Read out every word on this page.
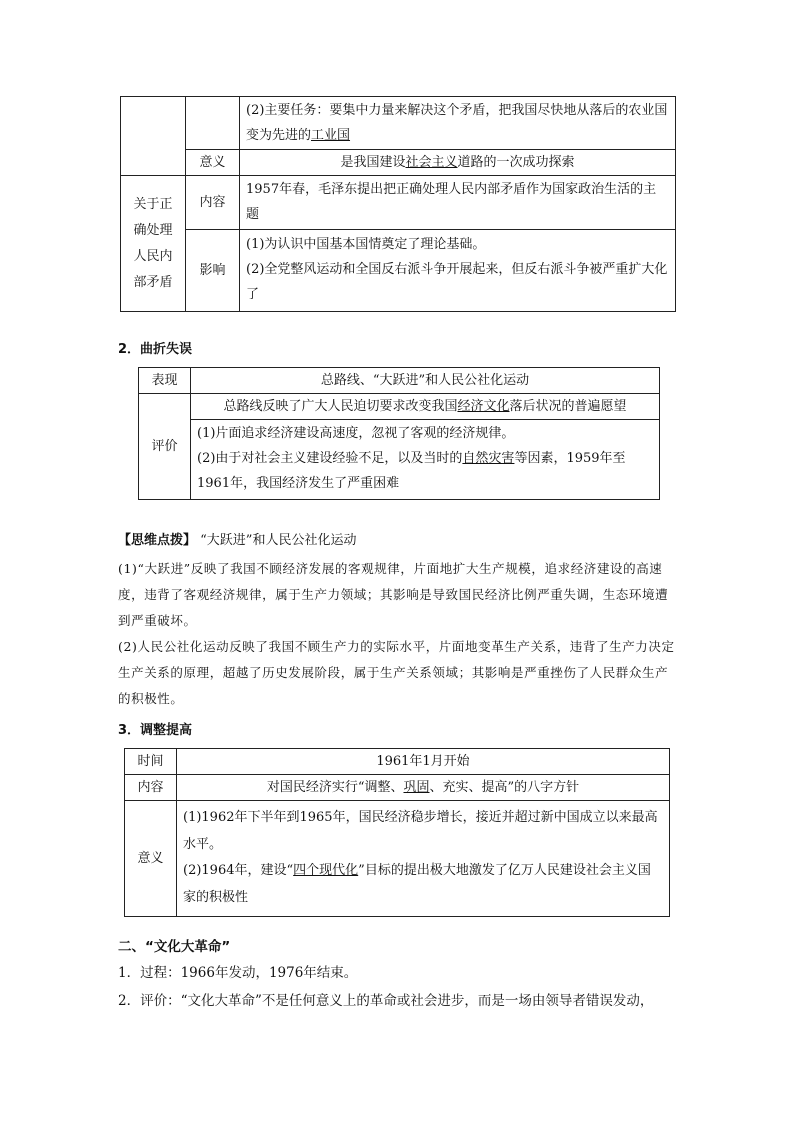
		(2)主要任务：要集中力量来解决这个矛盾，把我国尽快地从落后的农业国变为先进的工业国
	意义	是我国建设社会主义道路的一次成功探索
关于正确处理人民内部矛盾	内容	1957年春，毛泽东提出把正确处理人民内部矛盾作为国家政治生活的主题
	影响	(1)为认识中国基本国情奠定了理论基础。
(2)全党整风运动和全国反右派斗争开展起来，但反右派斗争被严重扩大化了
2．曲折失误
表现	总路线、“大跃进”和人民公社化运动
评价	总路线反映了广大人民迫切要求改变我国经济文化落后状况的普遍愿望

	(1)片面追求经济建设高速度，忽视了客观的经济规律。
(2)由于对社会主义建设经验不足，以及当时的自然灾害等因素，1959年至1961年，我国经济发生了严重困难
【思维点拨】 “大跃进”和人民公社化运动
(1)“大跃进”反映了我国不顾经济发展的客观规律，片面地扩大生产规模，追求经济建设的高速度，违背了客观经济规律，属于生产力领域；其影响是导致国民经济比例严重失调，生态环境遭到严重破坏。
(2)人民公社化运动反映了我国不顾生产力的实际水平，片面地变革生产关系，违背了生产力决定生产关系的原理，超越了历史发展阶段，属于生产关系领域；其影响是严重挫伤了人民群众生产的积极性。
3．调整提高
时间	1961年1月开始
内容	对国民经济实行“调整、巩固、充实、提高”的八字方针
意义	(1)1962年下半年到1965年，国民经济稳步增长，接近并超过新中国成立以来最高水平。
(2)1964年，建设“四个现代化”目标的提出极大地激发了亿万人民建设社会主义国家的积极性
二、“文化大革命”
1．过程：1966年发动，1976年结束。
2．评价：“文化大革命”不是任何意义上的革命或社会进步，而是一场由领导者错误发动，
